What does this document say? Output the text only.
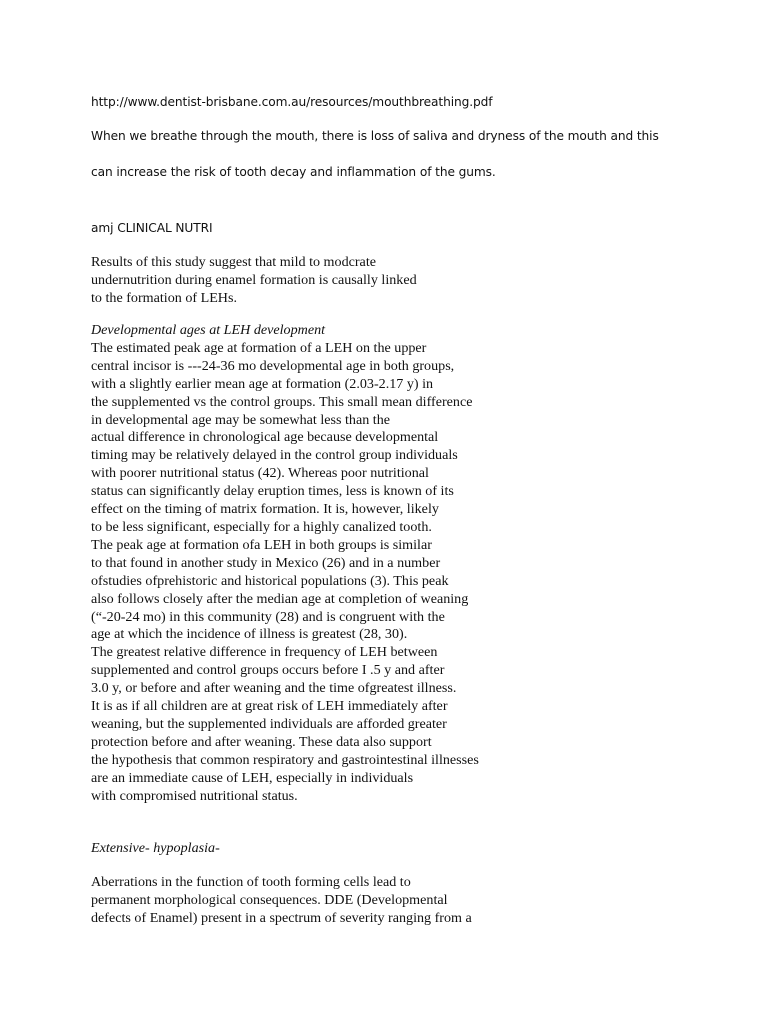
http://www.dentist-brisbane.com.au/resources/mouthbreathing.pdf
When we breathe through the mouth, there is loss of saliva and dryness of the mouth and this
can increase the risk of tooth decay and inflammation of the gums.
amj CLINICAL NUTRI
Results of this study suggest that mild to modcrate
undernutrition during enamel formation is causally linked
to the formation of LEHs.
Developmental ages at LEH development
The estimated peak age at formation of a LEH on the upper
central incisor is ---24-36 mo developmental age in both groups,
with a slightly earlier mean age at formation (2.03-2.17 y) in
the supplemented vs the control groups. This small mean difference
in developmental age may be somewhat less than the
actual difference in chronological age because developmental
timing may be relatively delayed in the control group individuals
with poorer nutritional status (42). Whereas poor nutritional
status can significantly delay eruption times, less is known of its
effect on the timing of matrix formation. It is, however, likely
to be less significant, especially for a highly canalized tooth.
The peak age at formation ofa LEH in both groups is similar
to that found in another study in Mexico (26) and in a number
ofstudies ofprehistoric and historical populations (3). This peak
also follows closely after the median age at completion of weaning
(“-20-24 mo) in this community (28) and is congruent with the
age at which the incidence of illness is greatest (28, 30).
The greatest relative difference in frequency of LEH between
supplemented and control groups occurs before I .5 y and after
3.0 y, or before and after weaning and the time ofgreatest illness.
It is as if all children are at great risk of LEH immediately after
weaning, but the supplemented individuals are afforded greater
protection before and after weaning. These data also support
the hypothesis that common respiratory and gastrointestinal illnesses
are an immediate cause of LEH, especially in individuals
with compromised nutritional status.
Extensive- hypoplasia-
Aberrations in the function of tooth forming cells lead to
permanent morphological consequences. DDE (Developmental
defects of Enamel) present in a spectrum of severity ranging from a
